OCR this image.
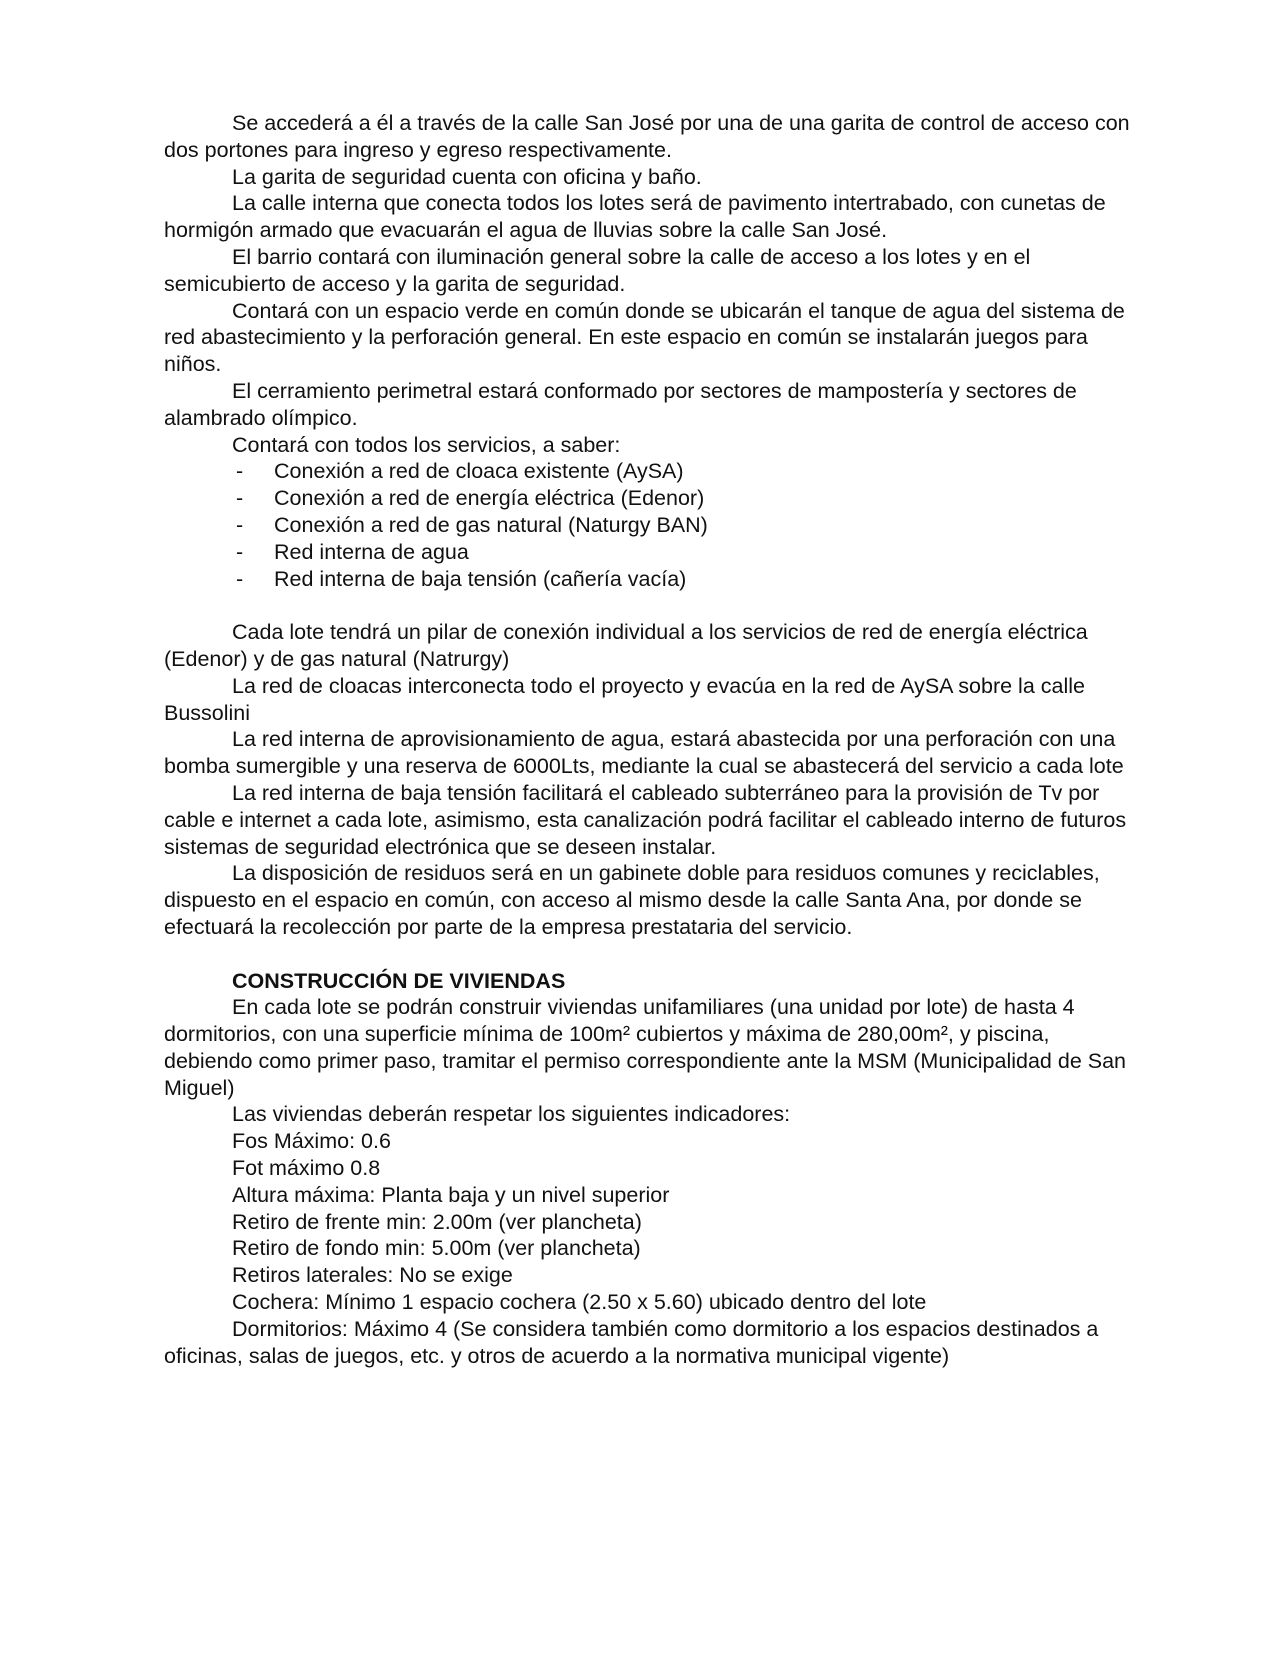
Se accederá a él a través de la calle San José por una de una garita de control de acceso con dos portones para ingreso y egreso respectivamente.

La garita de seguridad cuenta con oficina y baño.

La calle interna que conecta todos los lotes será de pavimento intertrabado, con cunetas de hormigón armado que evacuarán el agua de lluvias sobre la calle San José.

El barrio contará con iluminación general sobre la calle de acceso a los lotes y en el semicubierto de acceso y la garita de seguridad.

Contará con un espacio verde en común donde se ubicarán el tanque de agua del sistema de red abastecimiento y la perforación general. En este espacio en común se instalarán juegos para niños.

El cerramiento perimetral estará conformado por sectores de mampostería y sectores de alambrado olímpico.

Contará con todos los servicios, a saber:

- Conexión a red de cloaca existente (AySA)
- Conexión a red de energía eléctrica (Edenor)
- Conexión a red de gas natural (Naturgy BAN)
- Red interna de agua
- Red interna de baja tensión (cañería vacía)

Cada lote tendrá un pilar de conexión individual a los servicios de red de energía eléctrica (Edenor) y de gas natural (Natrurgy)

La red de cloacas interconecta todo el proyecto y evacúa en la red de AySA sobre la calle Bussolini

La red interna de aprovisionamiento de agua, estará abastecida por una perforación con una bomba sumergible y una reserva de 6000Lts, mediante la cual se abastecerá del servicio a cada lote

La red interna de baja tensión facilitará el cableado subterráneo para la provisión de Tv por cable e internet a cada lote, asimismo, esta canalización podrá facilitar el cableado interno de futuros sistemas de seguridad electrónica que se deseen instalar.

La disposición de residuos será en un gabinete doble para residuos comunes y reciclables, dispuesto en el espacio en común, con acceso al mismo desde la calle Santa Ana, por donde se efectuará la recolección por parte de la empresa prestataria del servicio.

CONSTRUCCIÓN DE VIVIENDAS

En cada lote se podrán construir viviendas unifamiliares (una unidad por lote) de hasta 4 dormitorios, con una superficie mínima de 100m² cubiertos y máxima de 280,00m², y piscina, debiendo como primer paso, tramitar el permiso correspondiente ante la MSM (Municipalidad de San Miguel)

Las viviendas deberán respetar los siguientes indicadores:

Fos Máximo: 0.6

Fot máximo 0.8

Altura máxima: Planta baja y un nivel superior

Retiro de frente min: 2.00m (ver plancheta)

Retiro de fondo min: 5.00m (ver plancheta)

Retiros laterales: No se exige

Cochera: Mínimo 1 espacio cochera (2.50 x 5.60) ubicado dentro del lote

Dormitorios: Máximo 4 (Se considera también como dormitorio a los espacios destinados a oficinas, salas de juegos, etc. y otros de acuerdo a la normativa municipal vigente)
